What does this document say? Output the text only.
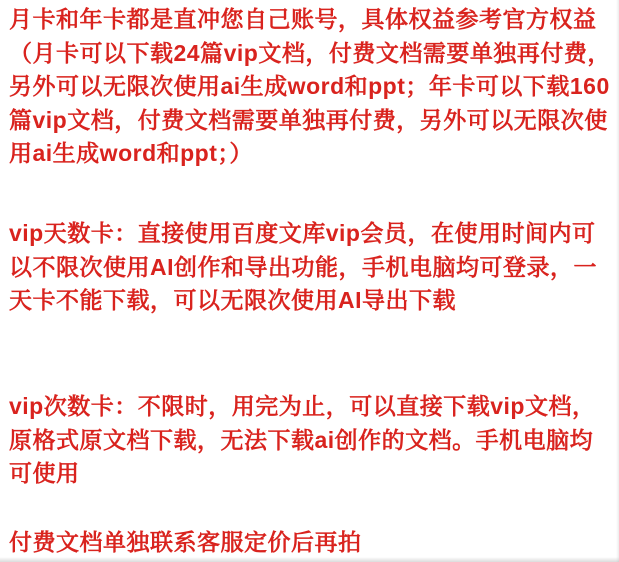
月卡和年卡都是直冲您自己账号，具体权益参考官方权益
（月卡可以下载24篇vip文档，付费文档需要单独再付费，
另外可以无限次使用ai生成word和ppt；年卡可以下载160
篇vip文档，付费文档需要单独再付费，另外可以无限次使
用ai生成word和ppt；）
vip天数卡：直接使用百度文库vip会员，在使用时间内可
以不限次使用AI创作和导出功能，手机电脑均可登录，一
天卡不能下载，可以无限次使用AI导出下载
vip次数卡：不限时，用完为止，可以直接下载vip文档，
原格式原文档下载，无法下载ai创作的文档。手机电脑均
可使用
付费文档单独联系客服定价后再拍
